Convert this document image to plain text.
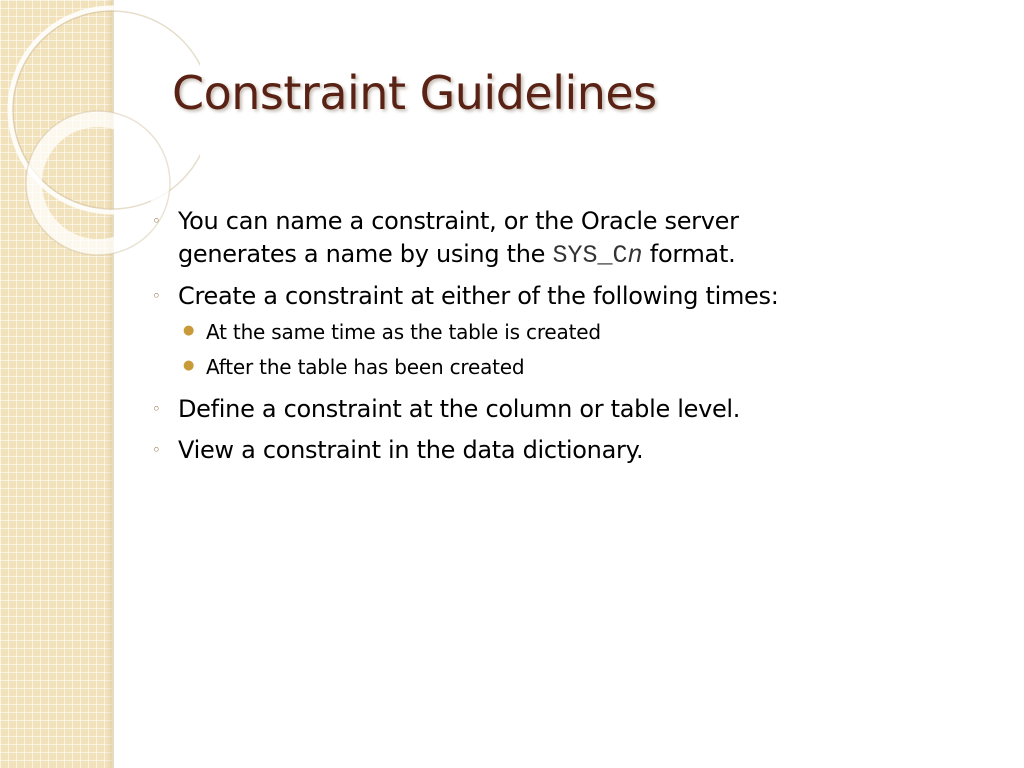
Constraint Guidelines
◦ You can name a constraint, or the Oracle server
generates a name by using the SYS_Cn format.
◦ Create a constraint at either of the following times:
● At the same time as the table is created
● After the table has been created
◦ Define a constraint at the column or table level.
◦ View a constraint in the data dictionary.
